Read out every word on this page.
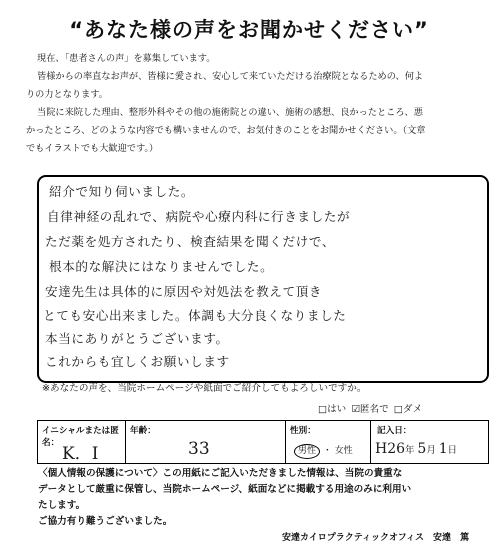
“あなた様の声をお聞かせください”

現在、「患者さんの声」を募集しています。

皆様からの率直なお声が、皆様に愛され、安心して来ていただける治療院となるための、何よ

りの力となります。

当院に来院した理由、整形外科やその他の施術院との違い、施術の感想、良かったところ、悪

かったところ、どのような内容でも構いませんので、お気付きのことをお聞かせください。（文章

でもイラストでも大歓迎です。）

紹介で知り伺いました。
自律神経の乱れで、病院や心療内科に行きましたが
ただ薬を処方されたり、検査結果を聞くだけで、
根本的な解決にはなりませんでした。
安達先生は具体的に原因や対処法を教えて頂き
とても安心出来ました。体調も大分良くなりました
本当にありがとうございます。
これからも宜しくお願いします
※あなたの声を、当院ホームページや紙面でご紹介してもよろしいですか。
□はい ☑匿名で □ダメ
イニシャルまたは匿名：
K．I
年齢：
33
性別：
男性 ・ 女性
記入日：
H26年 5月 1日

〈個人情報の保護について〉この用紙にご記入いただきました情報は、当院の貴重な

データとして厳重に保管し、当院ホームページ、紙面などに掲載する用途のみに利用い

たします。

ご協力有り難うございました。

安達カイロプラクティックオフィス　安達　篤
